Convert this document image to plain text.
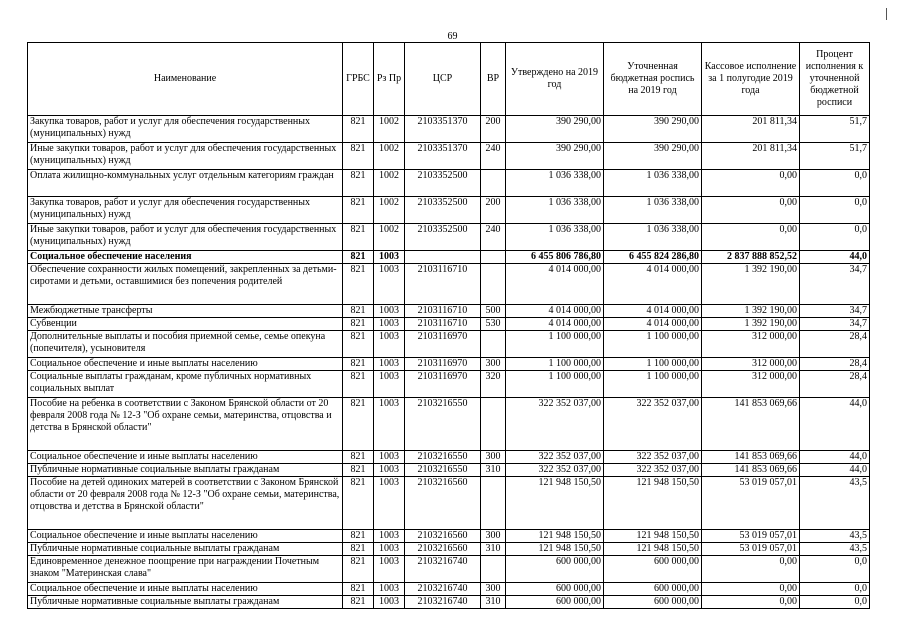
69
Наименование	ГРБС	Рз Пр	ЦСР	ВР	Утверждено на 2019 год	Уточненная бюджетная роспись на 2019 год	Кассовое исполнение за 1 полугодие 2019 года	Процент исполнения к уточненной бюджетной росписи
Закупка товаров, работ и услуг для обеспечения государственных (муниципальных) нужд	821	1002	2103351370	200	390 290,00	390 290,00	201 811,34	51,7
Иные закупки товаров, работ и услуг для обеспечения государственных (муниципальных) нужд	821	1002	2103351370	240	390 290,00	390 290,00	201 811,34	51,7
Оплата жилищно-коммунальных услуг отдельным категориям граждан	821	1002	2103352500		1 036 338,00	1 036 338,00	0,00	0,0
Закупка товаров, работ и услуг для обеспечения государственных (муниципальных) нужд	821	1002	2103352500	200	1 036 338,00	1 036 338,00	0,00	0,0
Иные закупки товаров, работ и услуг для обеспечения государственных (муниципальных) нужд	821	1002	2103352500	240	1 036 338,00	1 036 338,00	0,00	0,0
Социальное обеспечение населения	821	1003			6 455 806 786,80	6 455 824 286,80	2 837 888 852,52	44,0
Обеспечение сохранности жилых помещений, закрепленных за детьми-сиротами и детьми, оставшимися без попечения родителей	821	1003	2103116710		4 014 000,00	4 014 000,00	1 392 190,00	34,7
Межбюджетные трансферты	821	1003	2103116710	500	4 014 000,00	4 014 000,00	1 392 190,00	34,7
Субвенции	821	1003	2103116710	530	4 014 000,00	4 014 000,00	1 392 190,00	34,7
Дополнительные выплаты и пособия приемной семье, семье опекуна (попечителя), усыновителя	821	1003	2103116970		1 100 000,00	1 100 000,00	312 000,00	28,4
Социальное обеспечение и иные выплаты населению	821	1003	2103116970	300	1 100 000,00	1 100 000,00	312 000,00	28,4
Социальные выплаты гражданам, кроме публичных нормативных социальных выплат	821	1003	2103116970	320	1 100 000,00	1 100 000,00	312 000,00	28,4
Пособие на ребенка в соответствии с Законом Брянской области от 20 февраля 2008 года № 12-З "Об охране семьи, материнства, отцовства и детства в Брянской области"	821	1003	2103216550		322 352 037,00	322 352 037,00	141 853 069,66	44,0
Социальное обеспечение и иные выплаты населению	821	1003	2103216550	300	322 352 037,00	322 352 037,00	141 853 069,66	44,0
Публичные нормативные социальные выплаты гражданам	821	1003	2103216550	310	322 352 037,00	322 352 037,00	141 853 069,66	44,0
Пособие на детей одиноких матерей в соответствии с Законом Брянской области от 20 февраля 2008 года № 12-З "Об охране семьи, материнства, отцовства и детства в Брянской области"	821	1003	2103216560		121 948 150,50	121 948 150,50	53 019 057,01	43,5
Социальное обеспечение и иные выплаты населению	821	1003	2103216560	300	121 948 150,50	121 948 150,50	53 019 057,01	43,5
Публичные нормативные социальные выплаты гражданам	821	1003	2103216560	310	121 948 150,50	121 948 150,50	53 019 057,01	43,5
Единовременное денежное поощрение при награждении Почетным знаком "Материнская слава"	821	1003	2103216740		600 000,00	600 000,00	0,00	0,0
Социальное обеспечение и иные выплаты населению	821	1003	2103216740	300	600 000,00	600 000,00	0,00	0,0
Публичные нормативные социальные выплаты гражданам	821	1003	2103216740	310	600 000,00	600 000,00	0,00	0,0
